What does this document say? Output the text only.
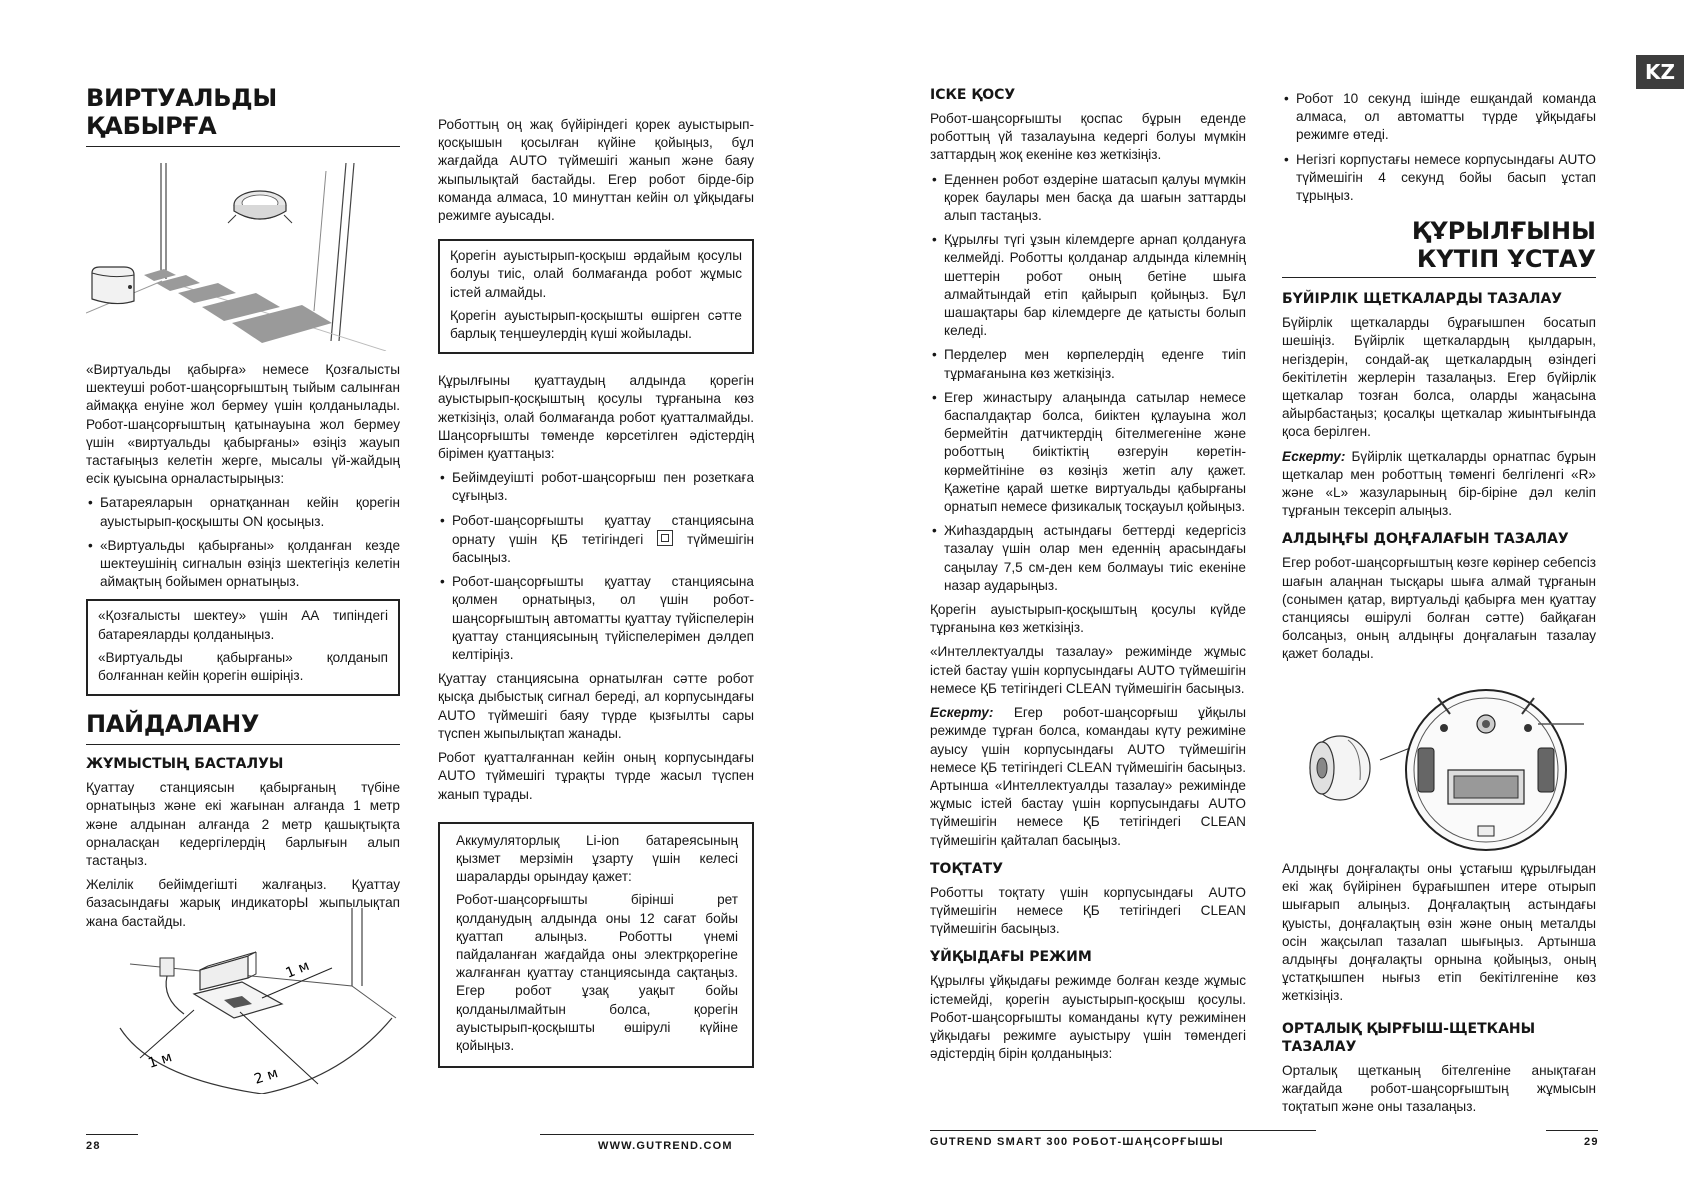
KZ
ВИРТУАЛЬДЫ ҚАБЫРҒА

«Виртуальды қабырға» немесе Қозғалысты шектеуші робот-шаңсорғыштың тыйым салынған аймаққа енуіне жол бермеу үшін қолданылады. Робот-шаңсорғыштың қатынауына жол бермеу үшін «виртуальды қабырғаны» өзіңіз жауып тастағыңыз келетін жерге, мысалы үй-жайдың есік қуысына орналастырыңыз:

• Батареяларын орнатқаннан кейін қорегін ауыстырып-қосқышты ON қосыңыз.
• «Виртуальды қабырғаны» қолданған кезде шектеушінің сигналын өзіңіз шектегіңіз келетін аймақтың бойымен орнатыңыз.

«Қозғалысты шектеу» үшін АА типіндегі батареяларды қолданыңыз.

«Виртуальды қабырғаны» қолданып болғаннан кейін қорегін өшіріңіз.

ПАЙДАЛАНУ
ЖҰМЫСТЫҢ БАСТАЛУЫ

Қуаттау станциясын қабырғаның түбіне орнатыңыз және екі жағынан алғанда 1 метр және алдынан алғанда 2 метр қашықтықта орналасқан кедергілердің барлығын алып тастаңыз.

Желілік бейімдегішті жалғаңыз. Қуаттау базасындағы жарық индикаторЫ жыпылықтап жана бастайды.

1 м
1 м
2 м

Роботтың оң жақ бүйіріндегі қорек ауыстырып-қосқышын қосылған күйіне қойыңыз, бұл жағдайда AUTO түймешігі жанып және баяу жыпылықтай бастайды. Егер робот бірде-бір команда алмаса, 10 минуттан кейін ол ұйқыдағы режимге ауысады.

Қорегін ауыстырып-қосқыш әрдайым қосулы болуы тиіс, олай болмағанда робот жұмыс істей алмайды.

Қорегін ауыстырып-қосқышты өшірген сәтте барлық теңшеулердің күші жойылады.

Құрылғыны қуаттаудың алдында қорегін ауыстырып-қосқыштың қосулы тұрғанына көз жеткізіңіз, олай болмағанда робот қуатталмайды. Шаңсорғышты төменде көрсетілген әдістердің бірімен қуаттаңыз:

• Бейімдеуішті робот-шаңсорғыш пен розеткаға сұғыңыз.
• Робот-шаңсорғышты қуаттау станциясына орнату үшін ҚБ тетігіндегі	түймешігін басыңыз.
• Робот-шаңсорғышты қуаттау станциясына қолмен орнатыңыз, ол үшін робот-шаңсорғыштың автоматты қуаттау түйіспелерін қуаттау станциясының түйіспелерімен дәлдеп келтіріңіз.

Қуаттау станциясына орнатылған сәтте робот қысқа дыбыстық сигнал береді, ал корпусындағы AUTO түймешігі баяу түрде қызғылты сары түспен жыпылықтап жанады.

Робот қуатталғаннан кейін оның корпусындағы AUTO түймешігі тұрақты түрде жасыл түспен жанып тұрады.

Аккумуляторлық Li-ion батареясының қызмет мерзімін ұзарту үшін келесі шараларды орындау қажет:

Робот-шаңсорғышты бірінші рет қолданудың алдында оны 12 сағат бойы қуаттап алыңыз. Роботты үнемі пайдаланған жағдайда оны электрқорегіне жалғанған қуаттау станциясында сақтаңыз. Егер робот ұзақ уақыт бойы қолданылмайтын болса, қорегін ауыстырып-қосқышты өшірулі күйіне қойыңыз.

28	WWW.GUTREND.COM
ІСКЕ ҚОСУ

Робот-шаңсорғышты қоспас бұрын еденде роботтың үй тазалауына кедергі болуы мүмкін заттардың жоқ екеніне көз жеткізіңіз.

• Еденнен робот өздеріне шатасып қалуы мүмкін қорек баулары мен басқа да шағын заттарды алып тастаңыз.
• Құрылғы түгі ұзын кілемдерге арнап қолдануға келмейді. Роботты қолданар алдында кілемнің шеттерін робот оның бетіне шыға алмайтындай етіп қайырып қойыңыз. Бұл шашақтары бар кілемдерге де қатысты болып келеді.
• Перделер мен көрпелердің еденге тиіп тұрмағанына көз жеткізіңіз.
• Егер жинастыру алаңында сатылар немесе баспалдақтар болса, биіктен құлауына жол бермейтін датчиктердің бітелмегеніне және роботтың биіктіктің өзгеруін көретін-көрмейтініне өз көзіңіз жетіп алу қажет. Қажетіне қарай шетке виртуальды қабырғаны орнатып немесе физикалық тосқауыл қойыңыз.
• Жиһаздардың астындағы беттерді кедергісіз тазалау үшін олар мен еденнің арасындағы саңылау 7,5 см-ден кем болмауы тиіс екеніне назар аударыңыз.

Қорегін ауыстырып-қосқыштың қосулы күйде тұрғанына көз жеткізіңіз.

«Интеллектуалды тазалау» режимінде жұмыс істей бастау үшін корпусындағы AUTO түймешігін немесе ҚБ тетігіндегі CLEAN түймешігін басыңыз.

Ескерту: Егер робот-шаңсорғыш ұйқылы режимде тұрған болса, командаы күту режиміне ауысу үшін корпусындағы AUTO түймешігін немесе ҚБ тетігіндегі CLEAN түймешігін басыңыз. Артынша «Интеллектуалды тазалау» режимінде жұмыс істей бастау үшін корпусындағы AUTO түймешігін немесе ҚБ тетігіндегі CLEAN түймешігін қайталап басыңыз.

ТОҚТАТУ

Роботты тоқтату үшін корпусындағы AUTO түймешігін немесе ҚБ тетігіндегі CLEAN түймешігін басыңыз.

ҰЙҚЫДАҒЫ РЕЖИМ

Құрылғы ұйқыдағы режимде болған кезде жұмыс істемейді, қорегін ауыстырып-қосқыш қосулы. Робот-шаңсорғышты команданы күту режимінен ұйқыдағы режимге ауыстыру үшін төмендегі әдістердің бірін қолданыңыз:

• Робот 10 секунд ішінде ешқандай команда алмаса, ол автоматты түрде ұйқыдағы режимге өтеді.
• Негізгі корпустағы немесе корпусындағы AUTO түймешігін 4 секунд бойы басып ұстап тұрыңыз.
ҚҰРЫЛҒЫНЫ
КҮТІП ҰСТАУ
БҮЙІРЛІК ЩЕТКАЛАРДЫ ТАЗАЛАУ

Бүйірлік щеткаларды бұрағышпен босатып шешіңіз. Бүйірлік щеткалардың қылдарын, негіздерін, сондай-ақ щеткалардың өзіндегі бекітілетін жерлерін тазалаңыз. Егер бүйірлік щеткалар тозған болса, оларды жаңасына айырбастаңыз; қосалқы щеткалар жиынтығында қоса берілген.

Ескерту: Бүйірлік щеткаларды орнатпас бұрын щеткалар мен роботтың төменгі белгіленгі «R» және «L» жазуларының бір-біріне дәл келіп тұрғанын тексеріп алыңыз.

АЛДЫҢҒЫ ДОҢҒАЛАҒЫН ТАЗАЛАУ

Егер робот-шаңсорғыштың көзге көрінер себепсіз шағын алаңнан тысқары шыға алмай тұрғанын (сонымен қатар, виртуальді қабырға мен қуаттау станциясы өшірулі болған сәтте) байқаған болсаңыз, оның алдыңғы доңғалағын тазалау қажет болады.

Алдыңғы доңғалақты оны ұстағыш құрылғыдан екі жақ бүйірінен бұрағышпен итере отырып шығарып алыңыз. Доңғалақтың астындағы қуысты, доңғалақтың өзін және оның металды осін жақсылап тазалап шығыңыз. Артынша алдыңғы доңғалақты орнына қойыңыз, оның ұстатқышпен нығыз етіп бекітілгеніне көз жеткізіңіз.

ОРТАЛЫҚ ҚЫРҒЫШ-ЩЕТКАНЫ ТАЗАЛАУ

Орталық щетканың бітелгеніне анықтаған жағдайда робот-шаңсорғыштың жұмысын тоқтатып және оны тазалаңыз.

GUTREND SMART 300 РОБОТ-ШАҢСОРҒЫШЫ	29
